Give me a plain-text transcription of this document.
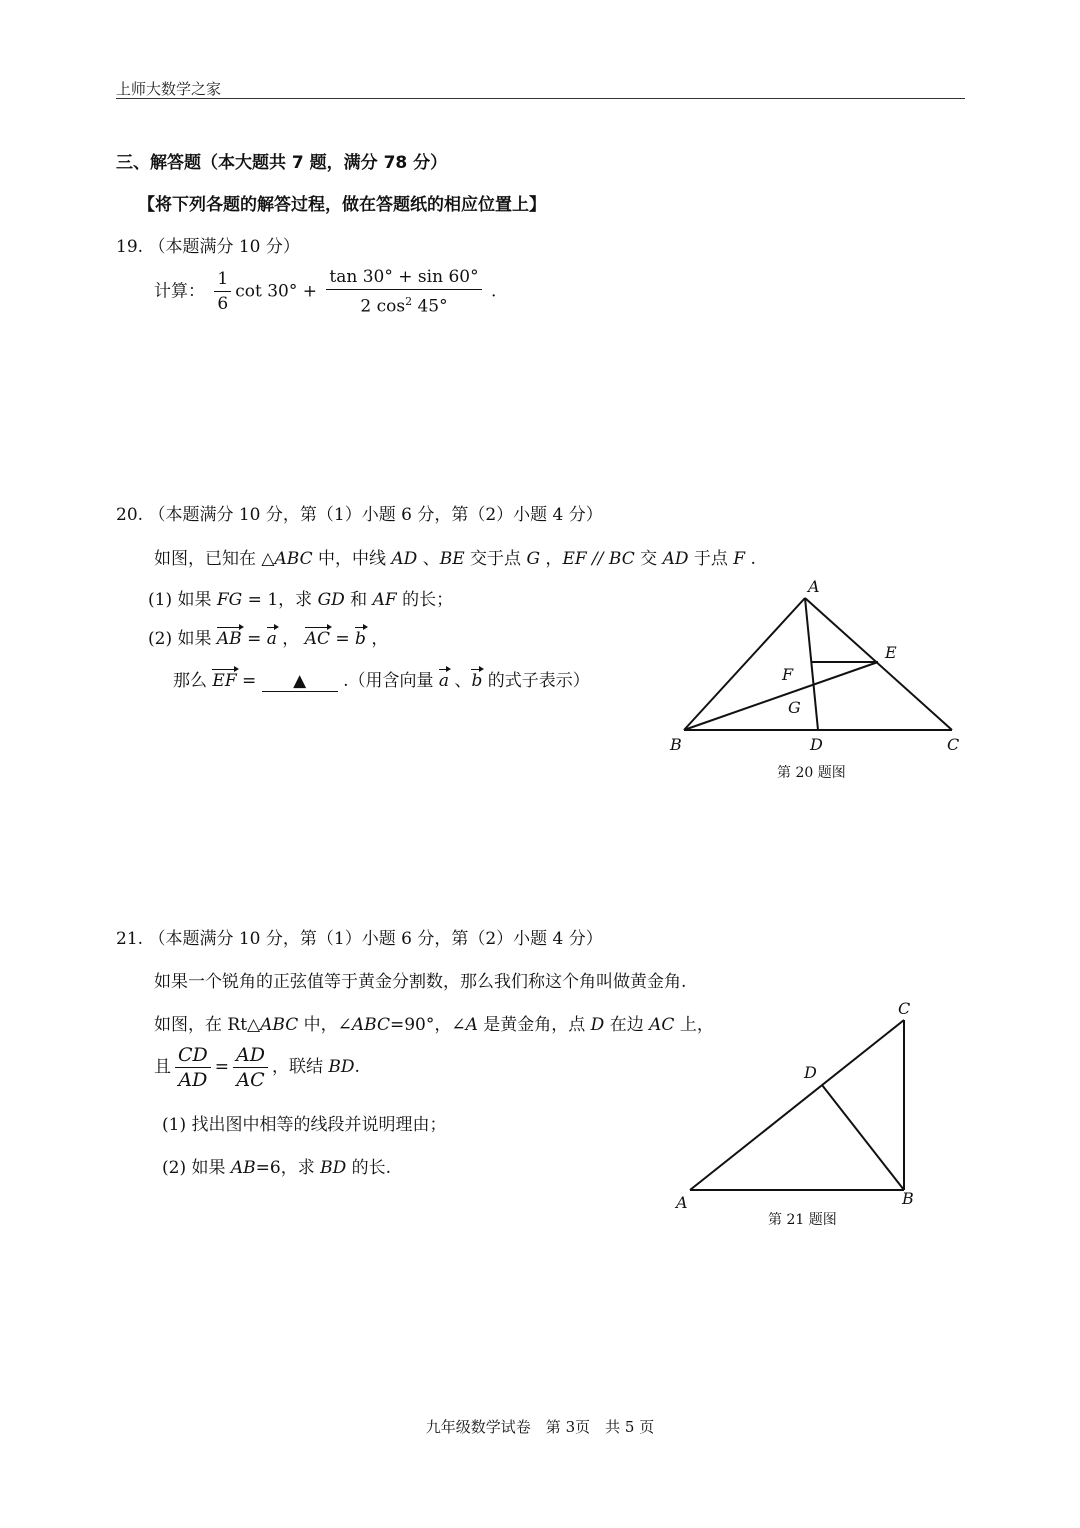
上师大数学之家
三、解答题（本大题共 7 题，满分 78 分）
【将下列各题的解答过程，做在答题纸的相应位置上】
19. （本题满分 10 分）
计算： $\frac{1}{6}$ $\cot 30^\circ + \frac{\tan 30^\circ + \sin 60^\circ}{2 \cos^2 45^\circ}$ .
20. （本题满分 10 分，第（1）小题 6 分，第（2）小题 4 分）
如图，已知在 △ABC 中，中线 AD 、BE 交于点 G ，EF // BC 交 AD 于点 F .
(1) 如果 FG = 1，求 GD 和 AF 的长；
(2) 如果 AB = a ， AC = b ，
那么 EF = ▲ .（用含向量 a 、b 的式子表示）
A
B	C
D
E
F
G
第 20 题图
21. （本题满分 10 分，第（1）小题 6 分，第（2）小题 4 分）
如果一个锐角的正弦值等于黄金分割数，那么我们称这个角叫做黄金角.
如图，在 Rt△ABC 中，∠ABC=90°，∠A 是黄金角，点 D 在边 AC 上，
且 $\frac{CD}{AD} = \frac{AD}{AC}$ ，联结 BD.
(1) 找出图中相等的线段并说明理由；
(2) 如果 AB=6，求 BD 的长.
A	B
C
D
第 21 题图
九年级数学试卷　第 3页　共 5 页
